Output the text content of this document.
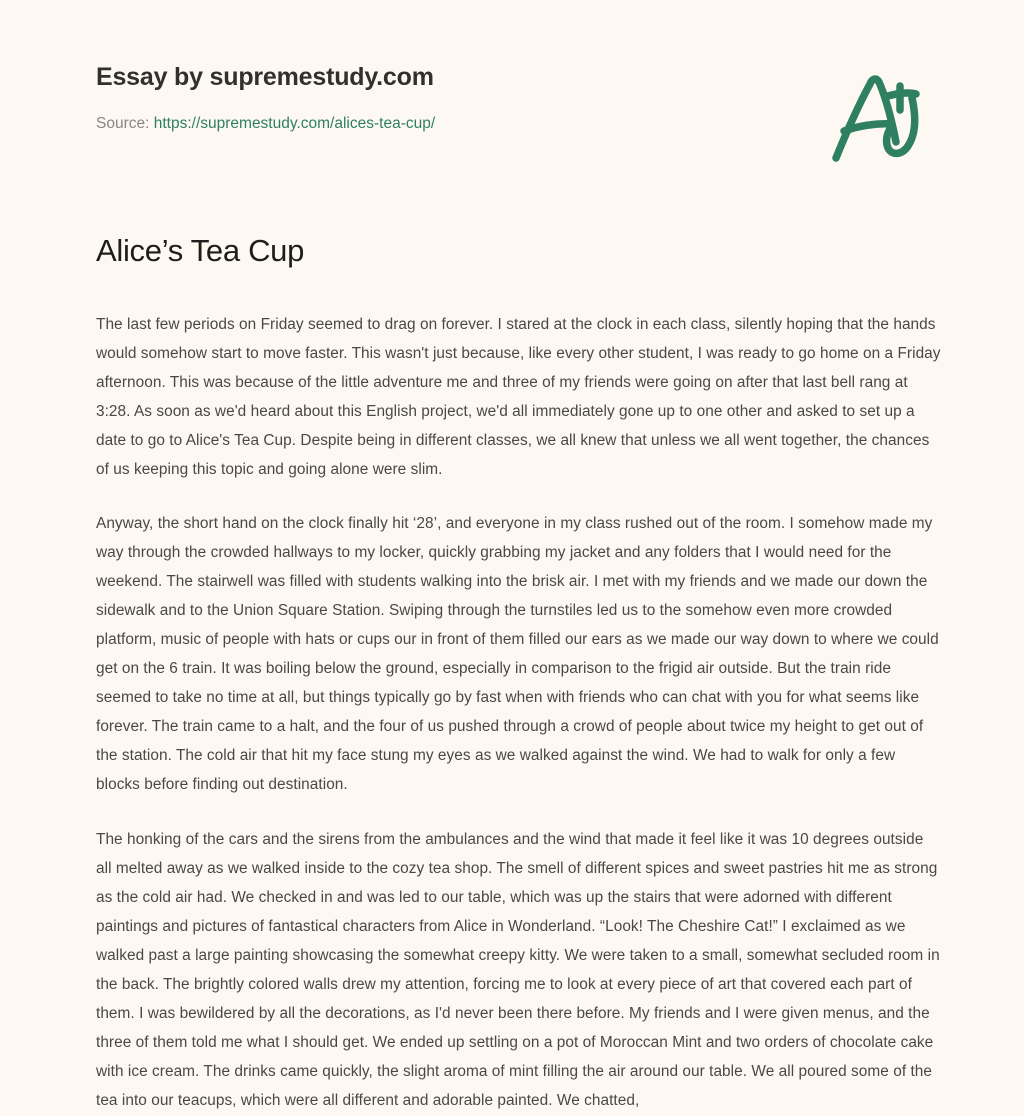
Essay by supremestudy.com
Source: https://supremestudy.com/alices-tea-cup/
Alice’s Tea Cup

The last few periods on Friday seemed to drag on forever. I stared at the clock in each class, silently hoping that the hands would somehow start to move faster. This wasn't just because, like every other student, I was ready to go home on a Friday afternoon. This was because of the little adventure me and three of my friends were going on after that last bell rang at 3:28. As soon as we'd heard about this English project, we'd all immediately gone up to one other and asked to set up a date to go to Alice's Tea Cup. Despite being in different classes, we all knew that unless we all went together, the chances of us keeping this topic and going alone were slim.

Anyway, the short hand on the clock finally hit ‘28’, and everyone in my class rushed out of the room. I somehow made my way through the crowded hallways to my locker, quickly grabbing my jacket and any folders that I would need for the weekend. The stairwell was filled with students walking into the brisk air. I met with my friends and we made our down the sidewalk and to the Union Square Station. Swiping through the turnstiles led us to the somehow even more crowded platform, music of people with hats or cups our in front of them filled our ears as we made our way down to where we could get on the 6 train. It was boiling below the ground, especially in comparison to the frigid air outside. But the train ride seemed to take no time at all, but things typically go by fast when with friends who can chat with you for what seems like forever. The train came to a halt, and the four of us pushed through a crowd of people about twice my height to get out of the station. The cold air that hit my face stung my eyes as we walked against the wind. We had to walk for only a few blocks before finding out destination.

The honking of the cars and the sirens from the ambulances and the wind that made it feel like it was 10 degrees outside all melted away as we walked inside to the cozy tea shop. The smell of different spices and sweet pastries hit me as strong as the cold air had. We checked in and was led to our table, which was up the stairs that were adorned with different paintings and pictures of fantastical characters from Alice in Wonderland. “Look! The Cheshire Cat!” I exclaimed as we walked past a large painting showcasing the somewhat creepy kitty. We were taken to a small, somewhat secluded room in the back. The brightly colored walls drew my attention, forcing me to look at every piece of art that covered each part of them. I was bewildered by all the decorations, as I'd never been there before. My friends and I were given menus, and the three of them told me what I should get. We ended up settling on a pot of Moroccan Mint and two orders of chocolate cake with ice cream. The drinks came quickly, the slight aroma of mint filling the air around our table. We all poured some of the tea into our teacups, which were all different and adorable painted. We chatted,
